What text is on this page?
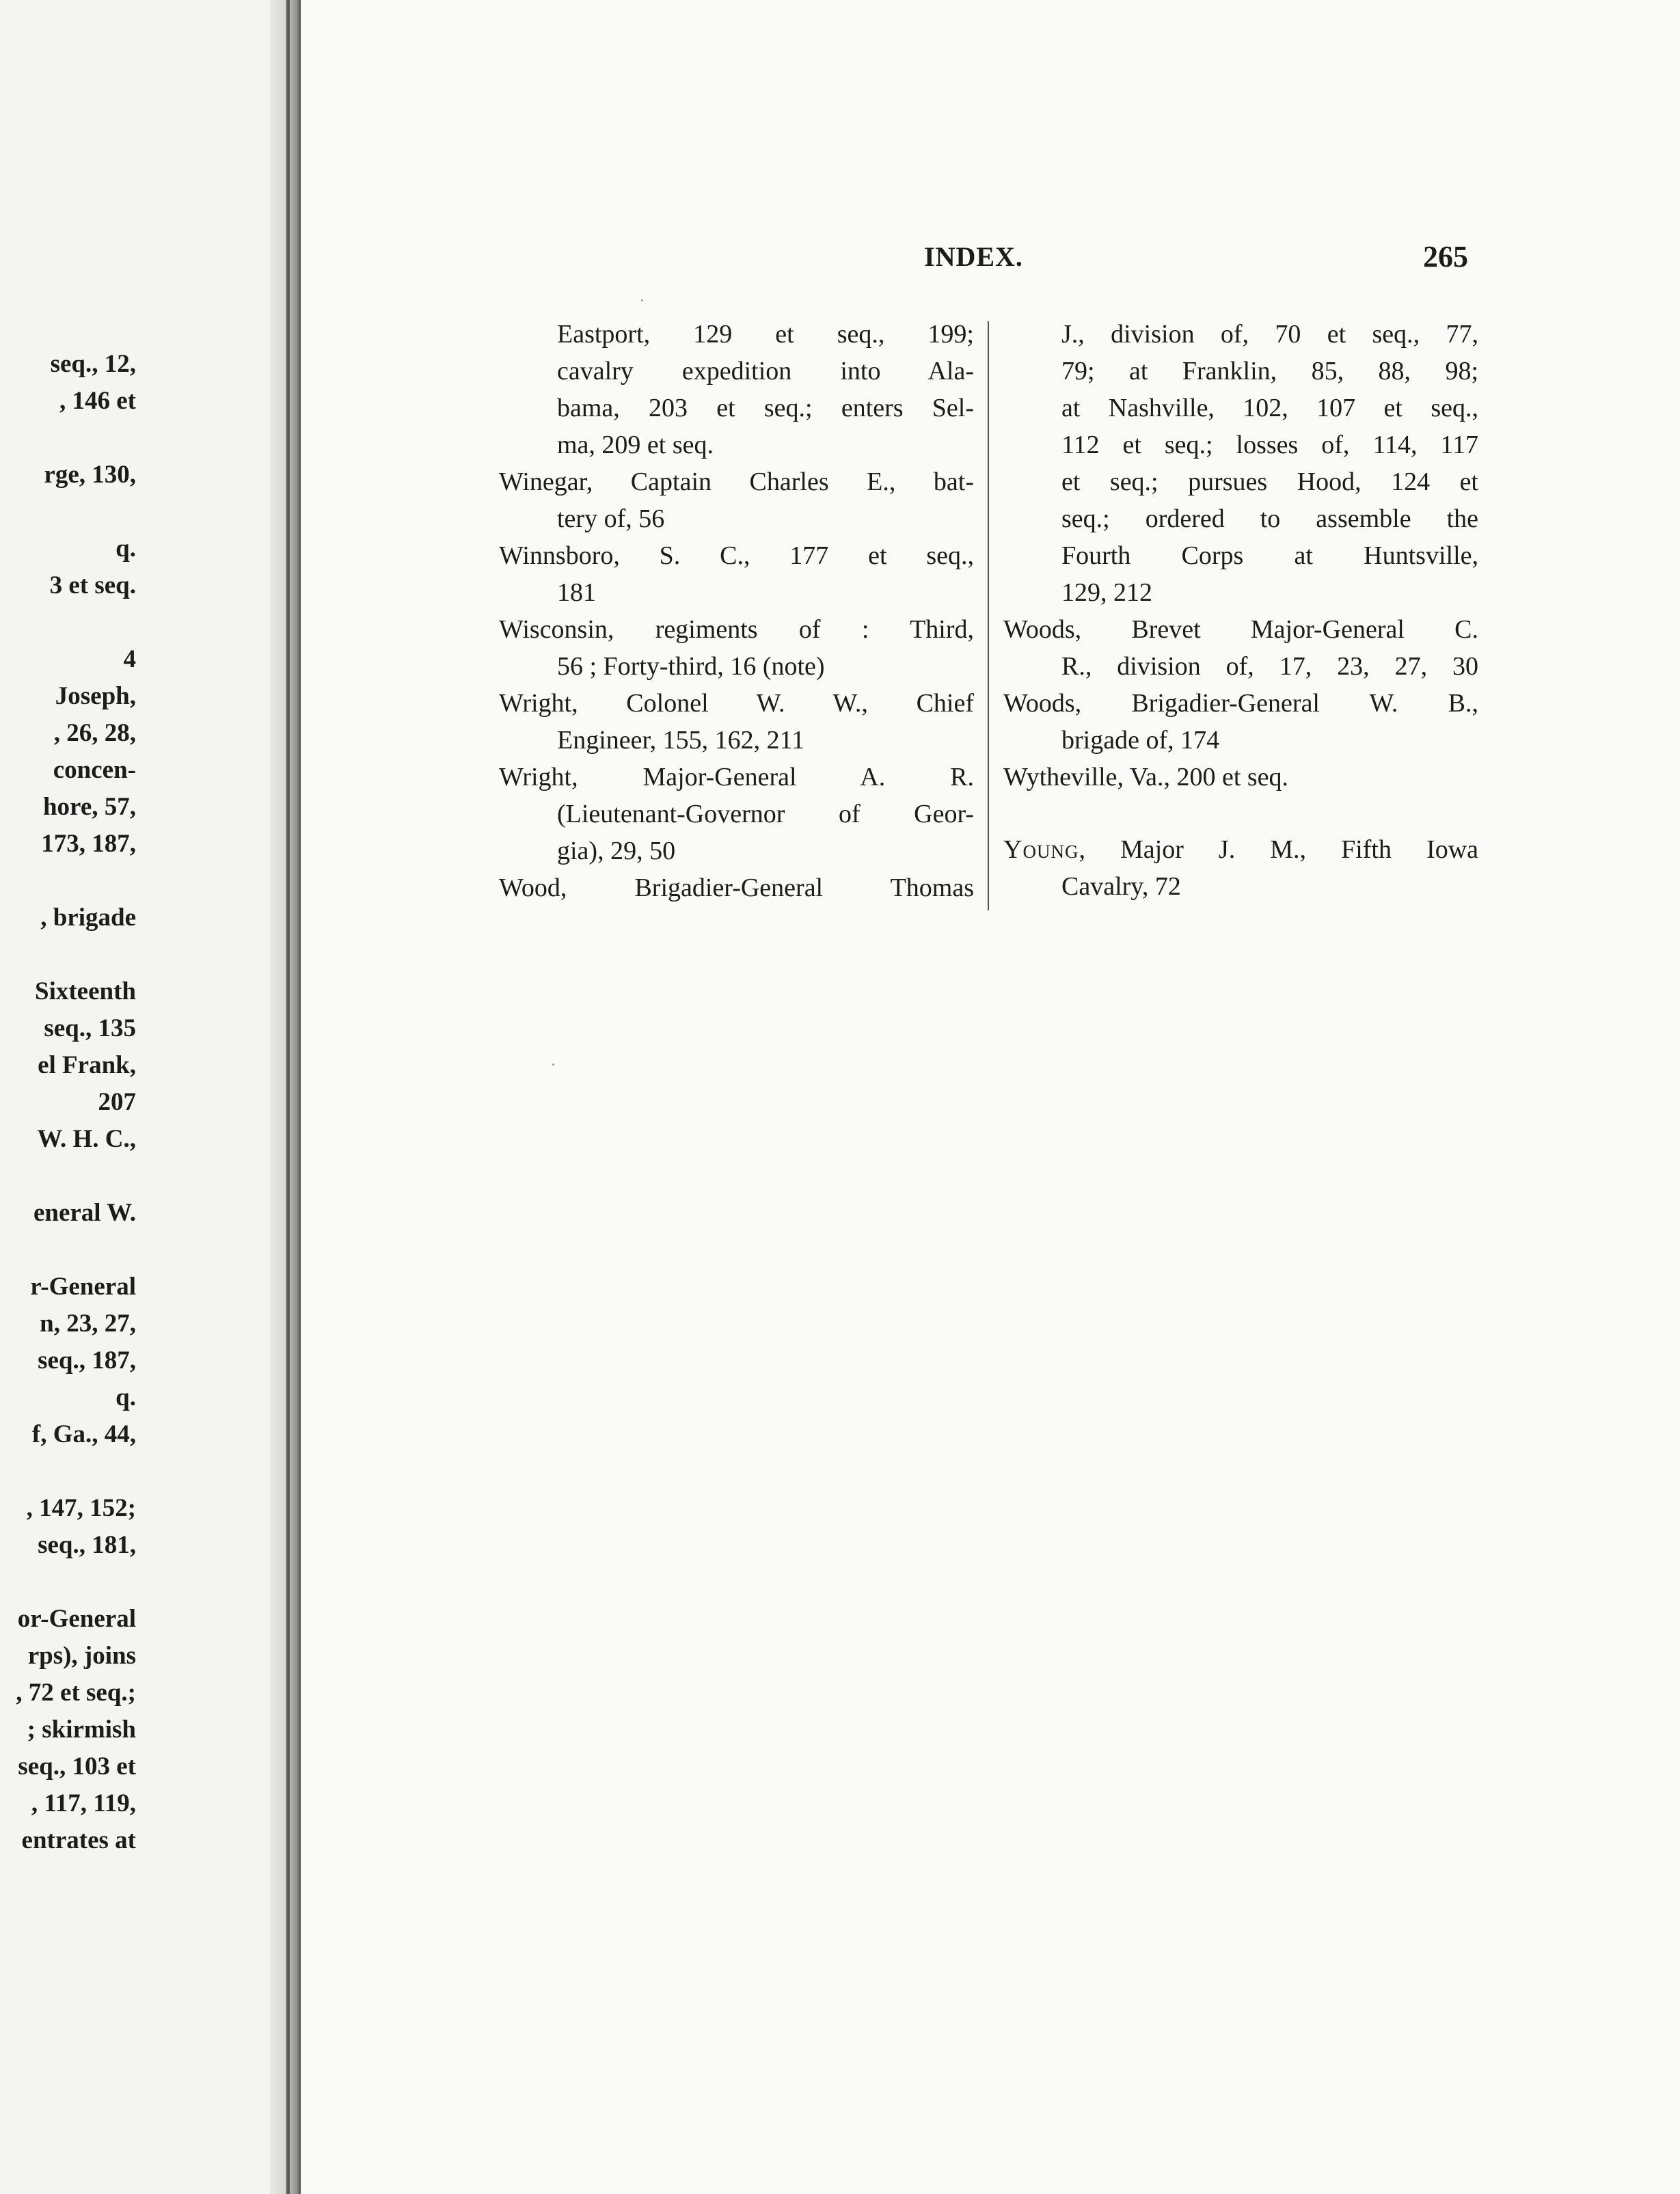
seq., 12,
, 146 et
rge, 130,
q.
3 et seq.
4
Joseph,
, 26, 28,
concen-
hore, 57,
173, 187,
, brigade
Sixteenth
seq., 135
el Frank,
207
W. H. C.,
eneral W.
r-General
n, 23, 27,
seq., 187,
q.
f, Ga., 44,
, 147, 152;
seq., 181,
or-General
rps), joins
, 72 et seq.;
; skirmish
seq., 103 et
, 117, 119,
entrates at
INDEX.	265
Eastport, 129 et seq., 199;
cavalry expedition into Ala-
bama, 203 et seq.; enters Sel-
ma, 209 et seq.
Winegar, Captain Charles E., bat-
tery of, 56
Winnsboro, S. C., 177 et seq.,
181
Wisconsin, regiments of : Third,
56 ; Forty-third, 16 (note)
Wright, Colonel W. W., Chief
Engineer, 155, 162, 211
Wright, Major-General A. R.
(Lieutenant-Governor of Geor-
gia), 29, 50
Wood, Brigadier-General Thomas
J., division of, 70 et seq., 77,
79; at Franklin, 85, 88, 98;
at Nashville, 102, 107 et seq.,
112 et seq.; losses of, 114, 117
et seq.; pursues Hood, 124 et
seq.; ordered to assemble the
Fourth Corps at Huntsville,
129, 212
Woods, Brevet Major-General C.
R., division of, 17, 23, 27, 30
Woods, Brigadier-General W. B.,
brigade of, 174
Wytheville, Va., 200 et seq.
Young, Major J. M., Fifth Iowa
Cavalry, 72
